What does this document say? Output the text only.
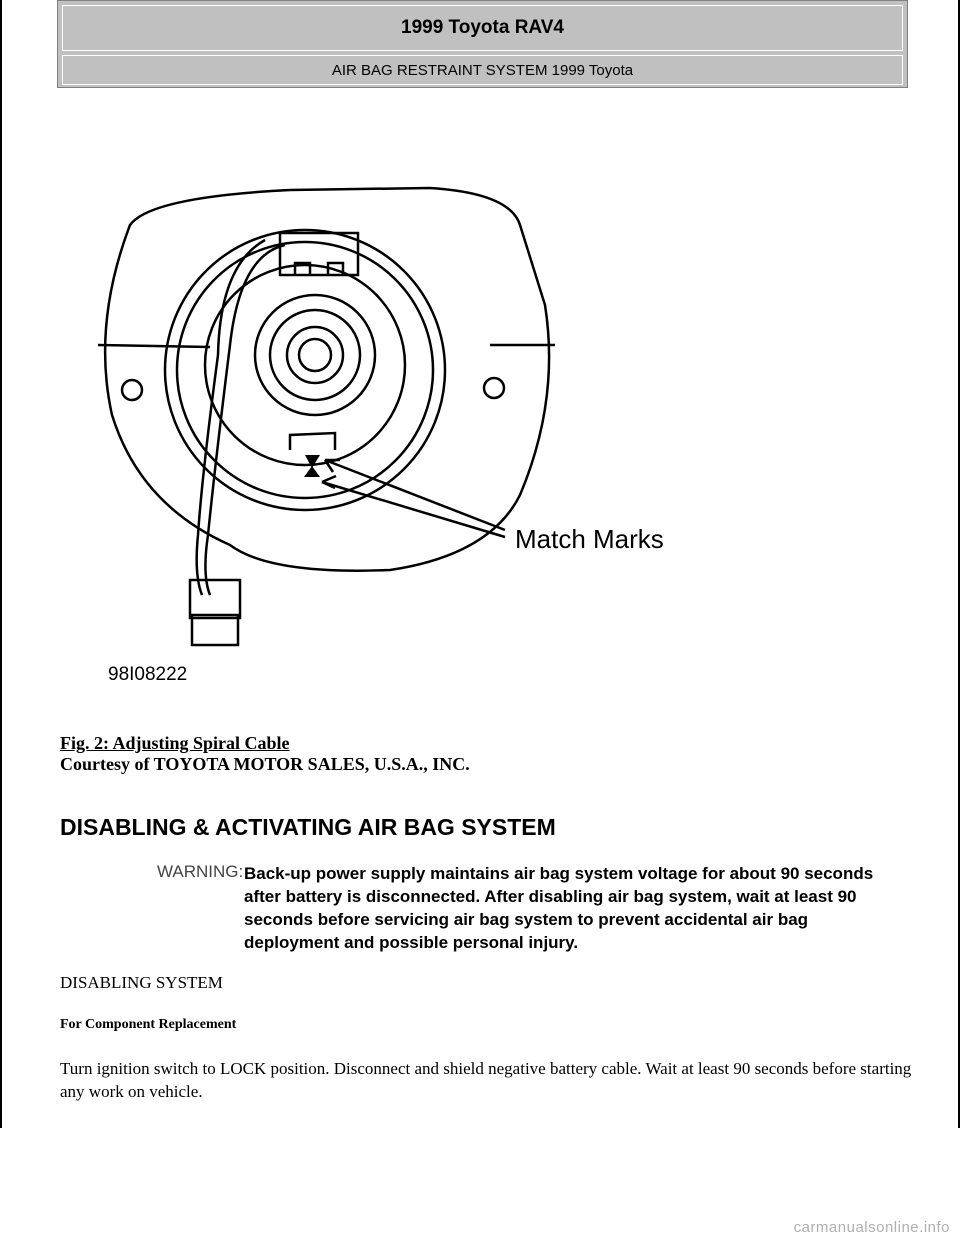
1999 Toyota RAV4
AIR BAG RESTRAINT SYSTEM 1999 Toyota
Match Marks
98I08222
Fig. 2: Adjusting Spiral Cable
Courtesy of TOYOTA MOTOR SALES, U.S.A., INC.
DISABLING & ACTIVATING AIR BAG SYSTEM
WARNING: Back-up power supply maintains air bag system voltage for about 90 seconds after battery is disconnected. After disabling air bag system, wait at least 90 seconds before servicing air bag system to prevent accidental air bag deployment and possible personal injury.
DISABLING SYSTEM
For Component Replacement
Turn ignition switch to LOCK position. Disconnect and shield negative battery cable. Wait at least 90 seconds before starting any work on vehicle.
carmanualsonline.info
